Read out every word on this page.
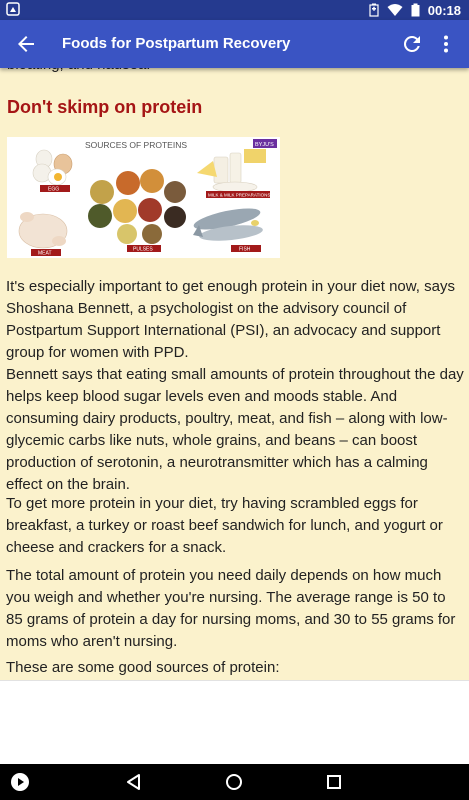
00:18
Foods for Postpartum Recovery
Don't skimp on protein
SOURCES OF PROTEINS	BYJU'S
EGG
MEAT
PULSES
MILK & MILK PREPARATIONS
FISH
It's especially important to get enough protein in your diet now, says Shoshana Bennett, a psychologist on the advisory council of Postpartum Support International (PSI), an advocacy and support group for women with PPD.
Bennett says that eating small amounts of protein throughout the day helps keep blood sugar levels even and moods stable. And consuming dairy products, poultry, meat, and fish – along with low-glycemic carbs like nuts, whole grains, and beans – can boost production of serotonin, a neurotransmitter which has a calming effect on the brain.
To get more protein in your diet, try having scrambled eggs for breakfast, a turkey or roast beef sandwich for lunch, and yogurt or cheese and crackers for a snack.
The total amount of protein you need daily depends on how much you weigh and whether you're nursing. The average range is 50 to 85 grams of protein a day for nursing moms, and 30 to 55 grams for moms who aren't nursing.
These are some good sources of protein:
